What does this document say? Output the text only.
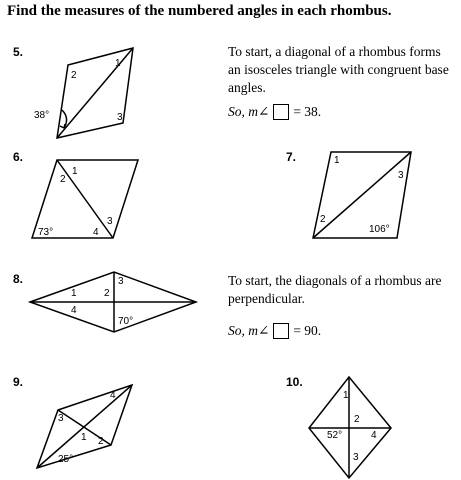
Find the measures of the numbered angles in each rhombus.
5.
6.	7.
8.
9.	10.
To start, a diagonal of a rhombus forms an isosceles triangle with congruent base angles.
So, m∠ = 38.
To start, the diagonals of a rhombus are perpendicular.
So, m∠ = 90.
2
1
3
38°
1
2
3
4
73°
1
3
2
106°
1	2
3
4
70°
3
4
1 2
25°
1
2
4
3
52°
